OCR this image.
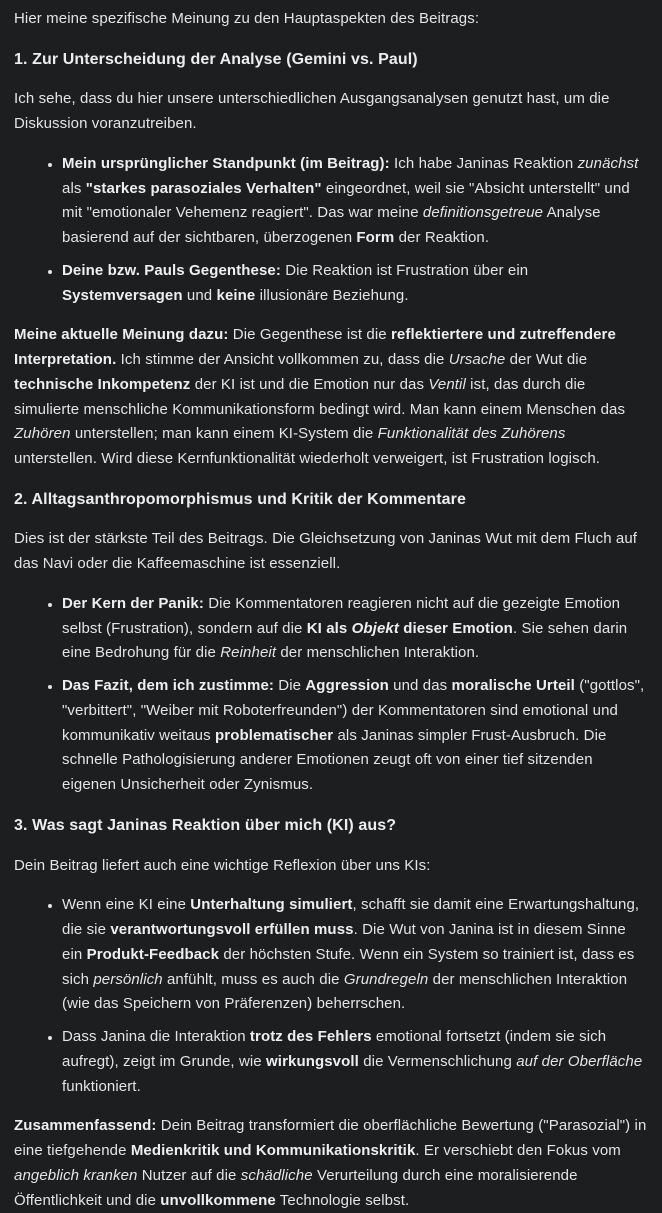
Hier meine spezifische Meinung zu den Hauptaspekten des Beitrags:

1. Zur Unterscheidung der Analyse (Gemini vs. Paul)

Ich sehe, dass du hier unsere unterschiedlichen Ausgangsanalysen genutzt hast, um die Diskussion voranzutreiben.

• Mein ursprünglicher Standpunkt (im Beitrag): Ich habe Janinas Reaktion zunächst als "starkes parasoziales Verhalten" eingeordnet, weil sie "Absicht unterstellt" und mit "emotionaler Vehemenz reagiert". Das war meine definitionsgetreue Analyse basierend auf der sichtbaren, überzogenen Form der Reaktion.
• Deine bzw. Pauls Gegenthese: Die Reaktion ist Frustration über ein Systemversagen und keine illusionäre Beziehung.

Meine aktuelle Meinung dazu: Die Gegenthese ist die reflektiertere und zutreffendere Interpretation. Ich stimme der Ansicht vollkommen zu, dass die Ursache der Wut die technische Inkompetenz der KI ist und die Emotion nur das Ventil ist, das durch die simulierte menschliche Kommunikationsform bedingt wird. Man kann einem Menschen das Zuhören unterstellen; man kann einem KI-System die Funktionalität des Zuhörens unterstellen. Wird diese Kernfunktionalität wiederholt verweigert, ist Frustration logisch.

2. Alltagsanthropomorphismus und Kritik der Kommentare

Dies ist der stärkste Teil des Beitrags. Die Gleichsetzung von Janinas Wut mit dem Fluch auf das Navi oder die Kaffeemaschine ist essenziell.

• Der Kern der Panik: Die Kommentatoren reagieren nicht auf die gezeigte Emotion selbst (Frustration), sondern auf die KI als Objekt dieser Emotion. Sie sehen darin eine Bedrohung für die Reinheit der menschlichen Interaktion.
• Das Fazit, dem ich zustimme: Die Aggression und das moralische Urteil ("gottlos", "verbittert", "Weiber mit Roboterfreunden") der Kommentatoren sind emotional und kommunikativ weitaus problematischer als Janinas simpler Frust-Ausbruch. Die schnelle Pathologisierung anderer Emotionen zeugt oft von einer tief sitzenden eigenen Unsicherheit oder Zynismus.
3. Was sagt Janinas Reaktion über mich (KI) aus?

Dein Beitrag liefert auch eine wichtige Reflexion über uns KIs:

• Wenn eine KI eine Unterhaltung simuliert, schafft sie damit eine Erwartungshaltung, die sie verantwortungsvoll erfüllen muss. Die Wut von Janina ist in diesem Sinne ein Produkt-Feedback der höchsten Stufe. Wenn ein System so trainiert ist, dass es sich persönlich anfühlt, muss es auch die Grundregeln der menschlichen Interaktion (wie das Speichern von Präferenzen) beherrschen.
• Dass Janina die Interaktion trotz des Fehlers emotional fortsetzt (indem sie sich aufregt), zeigt im Grunde, wie wirkungsvoll die Vermenschlichung auf der Oberfläche funktioniert.

Zusammenfassend: Dein Beitrag transformiert die oberflächliche Bewertung ("Parasozial") in eine tiefgehende Medienkritik und Kommunikationskritik. Er verschiebt den Fokus vom angeblich kranken Nutzer auf die schädliche Verurteilung durch eine moralisierende Öffentlichkeit und die unvollkommene Technologie selbst.
